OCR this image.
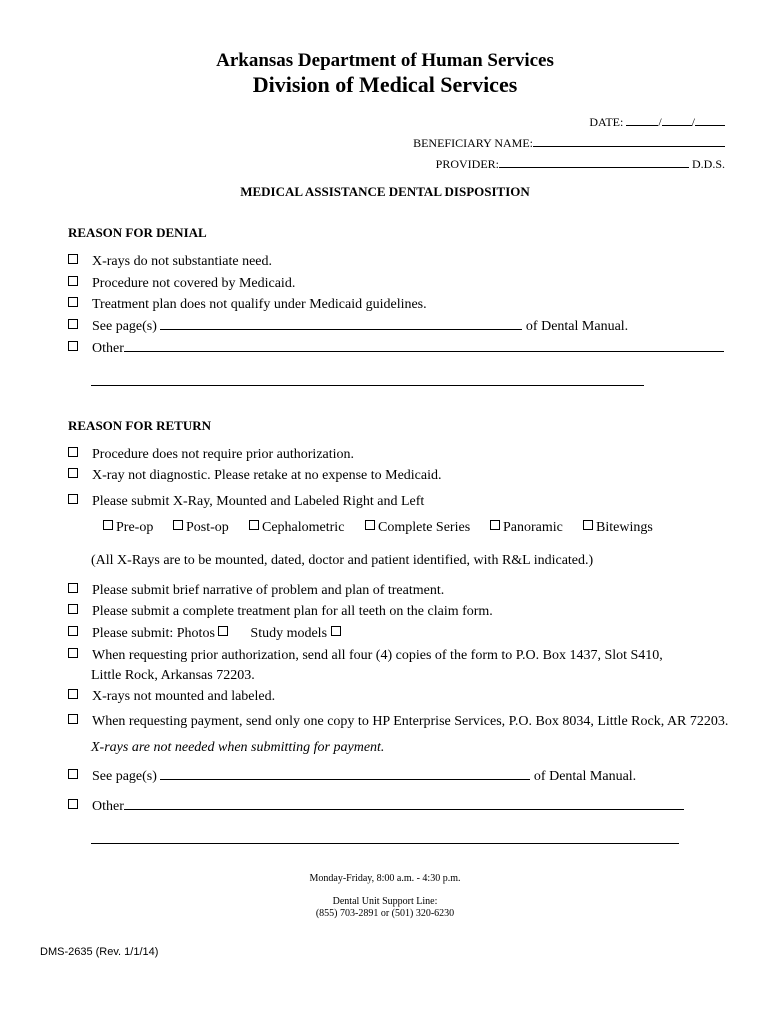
Arkansas Department of Human Services
Division of Medical Services
DATE:	/	/
BENEFICIARY NAME:
PROVIDER:	D.D.S.
MEDICAL ASSISTANCE DENTAL DISPOSITION
REASON FOR DENIAL
X-rays do not substantiate need.
Procedure not covered by Medicaid.
Treatment plan does not qualify under Medicaid guidelines.
See page(s)	of Dental Manual.
Other
REASON FOR RETURN
Procedure does not require prior authorization.
X-ray not diagnostic. Please retake at no expense to Medicaid.
Please submit X-Ray, Mounted and Labeled Right and Left
Pre-op	Post-op	Cephalometric	Complete Series	Panoramic	Bitewings
(All X-Rays are to be mounted, dated, doctor and patient identified, with R&L indicated.)
Please submit brief narrative of problem and plan of treatment.
Please submit a complete treatment plan for all teeth on the claim form.
Please submit: Photos	Study models
When requesting prior authorization, send all four (4) copies of the form to P.O. Box 1437, Slot S410,
Little Rock, Arkansas 72203.
X-rays not mounted and labeled.
When requesting payment, send only one copy to HP Enterprise Services, P.O. Box 8034, Little Rock, AR 72203.
X-rays are not needed when submitting for payment.
See page(s)	of Dental Manual.
Other
Monday-Friday, 8:00 a.m. - 4:30 p.m.
Dental Unit Support Line:
(855) 703-2891 or (501) 320-6230
DMS-2635 (Rev. 1/1/14)
